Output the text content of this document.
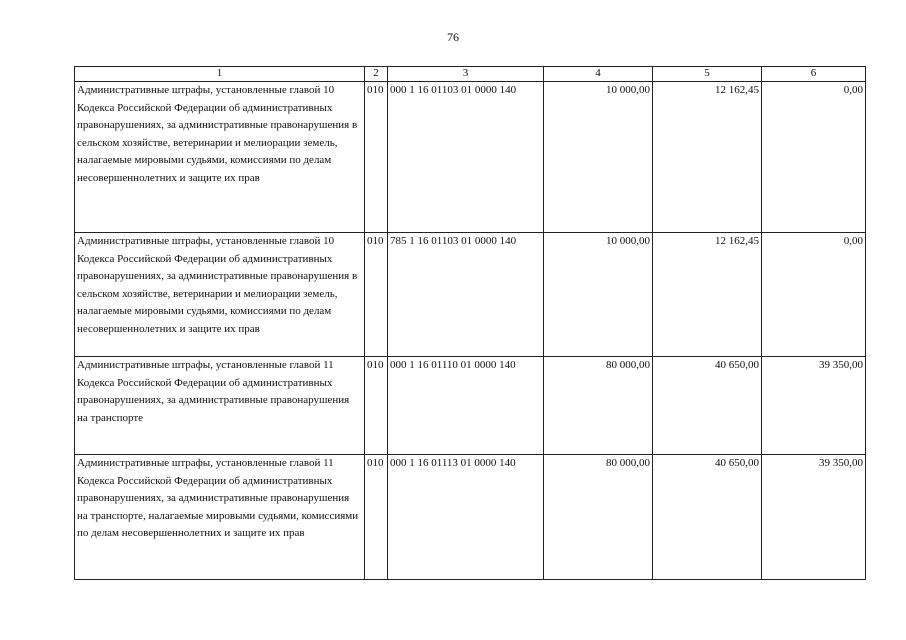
76
1	2	3	4	5	6
Административные штрафы, установленные главой 10 Кодекса Российской Федерации об административных правонарушениях, за административные правонарушения в сельском хозяйстве, ветеринарии и мелиорации земель, налагаемые мировыми судьями, комиссиями по делам несовершеннолетних и защите их прав	010	000 1 16 01103 01 0000 140	10 000,00	12 162,45	0,00
Административные штрафы, установленные главой 10 Кодекса Российской Федерации об административных правонарушениях, за административные правонарушения в сельском хозяйстве, ветеринарии и мелиорации земель, налагаемые мировыми судьями, комиссиями по делам несовершеннолетних и защите их прав	010	785 1 16 01103 01 0000 140	10 000,00	12 162,45	0,00
Административные штрафы, установленные главой 11 Кодекса Российской Федерации об административных правонарушениях, за административные правонарушения на транспорте	010	000 1 16 01110 01 0000 140	80 000,00	40 650,00	39 350,00
Административные штрафы, установленные главой 11 Кодекса Российской Федерации об административных правонарушениях, за административные правонарушения на транспорте, налагаемые мировыми судьями, комиссиями по делам несовершеннолетних и защите их прав	010	000 1 16 01113 01 0000 140	80 000,00	40 650,00	39 350,00
